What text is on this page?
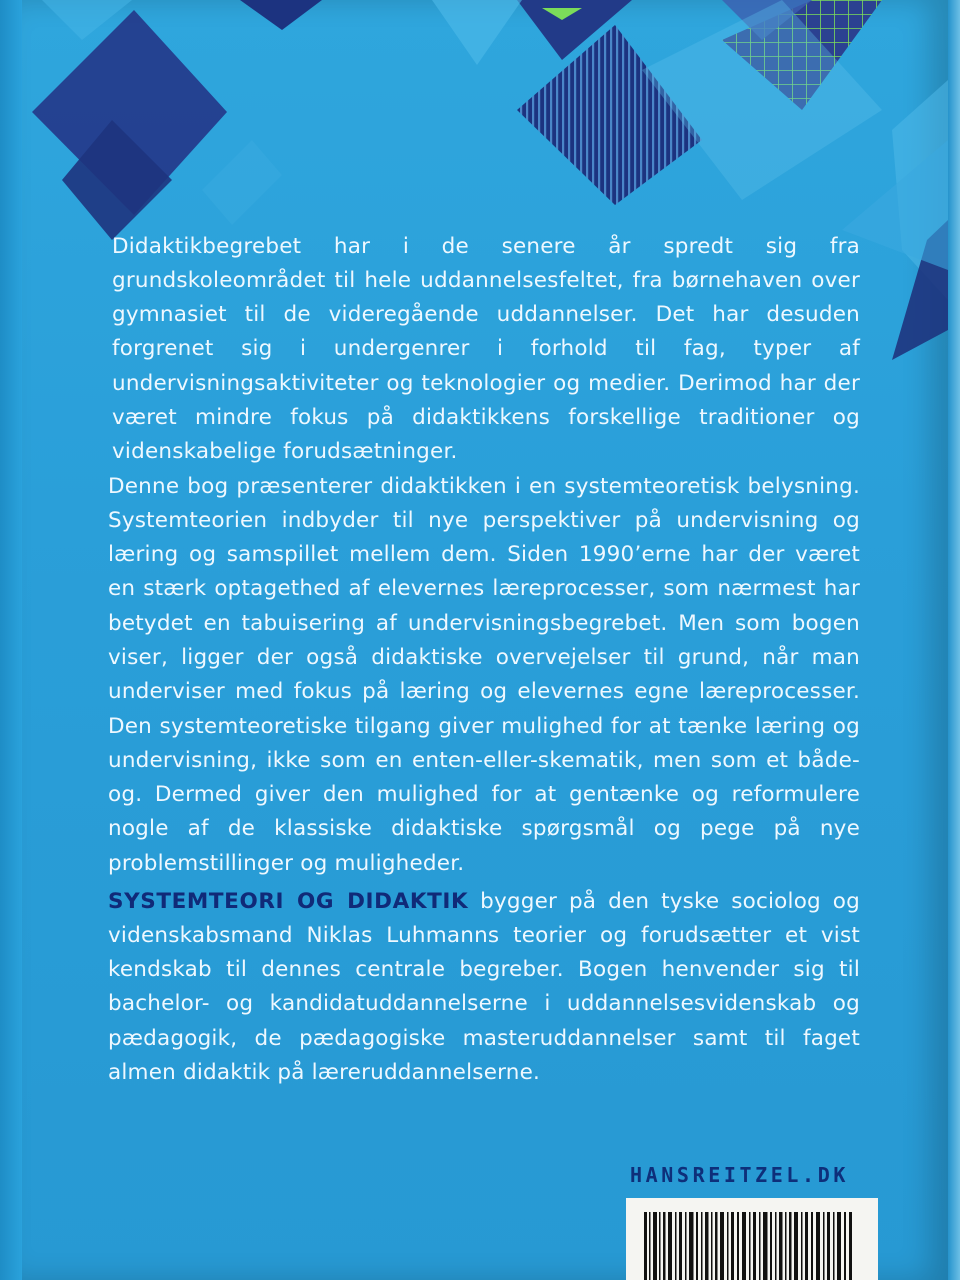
Didaktikbegrebet har i de senere år spredt sig fra grundskoleområdet til hele uddannelsesfeltet, fra børnehaven over gymnasiet til de videregående uddannelser. Det har desuden forgrenet sig i undergenrer i forhold til fag, typer af undervisningsaktiviteter og teknologier og medier. Derimod har der været mindre fokus på didaktikkens forskellige traditioner og videnskabelige forudsætninger.

Denne bog præsenterer didaktikken i en systemteoretisk belysning. Systemteorien indbyder til nye perspektiver på undervisning og læring og samspillet mellem dem. Siden 1990’erne har der været en stærk optagethed af elevernes læreprocesser, som nærmest har betydet en tabuisering af undervisningsbegrebet. Men som bogen viser, ligger der også didaktiske overvejelser til grund, når man underviser med fokus på læring og elevernes egne læreprocesser. Den systemteoretiske tilgang giver mulighed for at tænke læring og undervisning, ikke som en enten-eller-skematik, men som et både-og. Dermed giver den mulighed for at gentænke og reformulere nogle af de klassiske didaktiske spørgsmål og pege på nye problemstillinger og muligheder.

SYSTEMTEORI OG DIDAKTIK bygger på den tyske sociolog og videnskabsmand Niklas Luhmanns teorier og forudsætter et vist kendskab til dennes centrale begreber. Bogen henvender sig til bachelor- og kandidatuddannelserne i uddannelsesvidenskab og pædagogik, de pædagogiske masteruddannelser samt til faget almen didaktik på læreruddannelserne.

HANSREITZEL.DK
